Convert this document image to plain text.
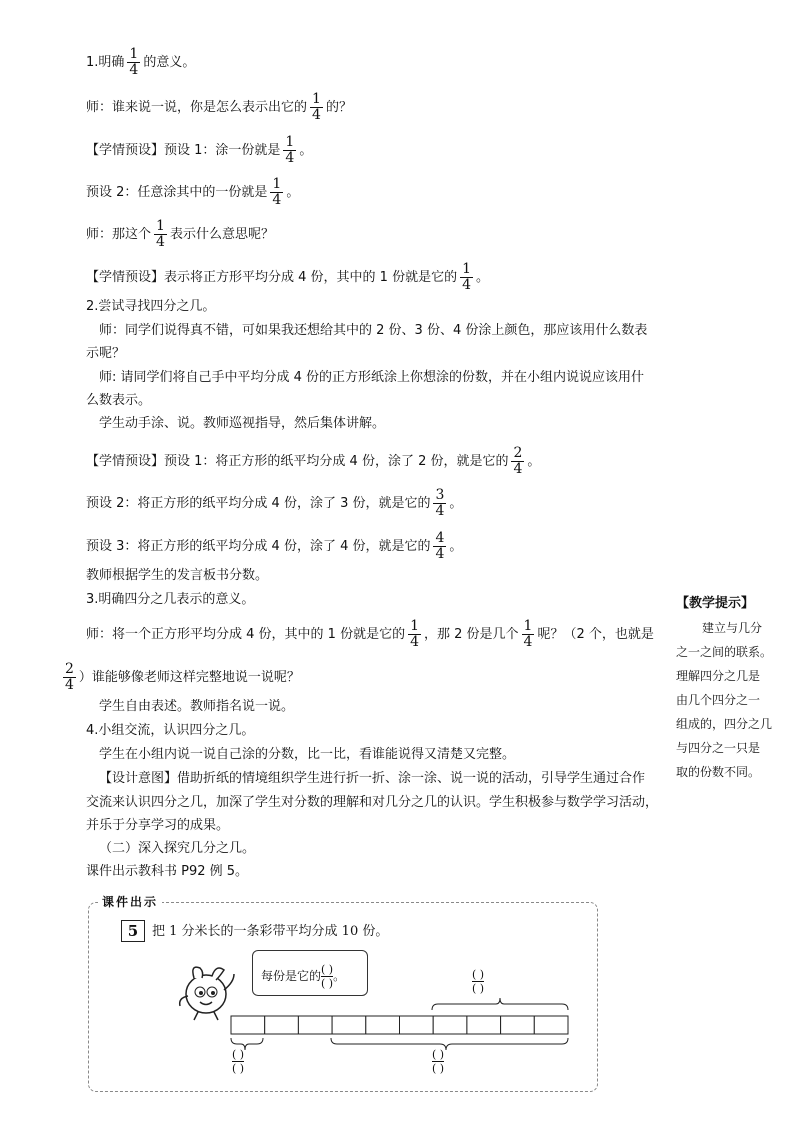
1.明确 $\frac{1}{4}$ 的意义。
师：谁来说一说，你是怎么表示出它的 $\frac{1}{4}$ 的？
【学情预设】预设 1：涂一份就是 $\frac{1}{4}$ 。
预设 2：任意涂其中的一份就是 $\frac{1}{4}$ 。
师：那这个 $\frac{1}{4}$ 表示什么意思呢？
【学情预设】表示将正方形平均分成 4 份，其中的 1 份就是它的 $\frac{1}{4}$ 。
2.尝试寻找四分之几。
师：同学们说得真不错，可如果我还想给其中的 2 份、3 份、4 份涂上颜色，那应该用什么数表
示呢？
师: 请同学们将自己手中平均分成 4 份的正方形纸涂上你想涂的份数，并在小组内说说应该用什
么数表示。
学生动手涂、说。教师巡视指导，然后集体讲解。
【学情预设】预设 1：将正方形的纸平均分成 4 份，涂了 2 份，就是它的 $\frac{2}{4}$ 。
预设 2：将正方形的纸平均分成 4 份，涂了 3 份，就是它的 $\frac{3}{4}$ 。
预设 3：将正方形的纸平均分成 4 份，涂了 4 份，就是它的 $\frac{4}{4}$ 。
教师根据学生的发言板书分数。
3.明确四分之几表示的意义。
师：将一个正方形平均分成 4 份，其中的 1 份就是它的 $\frac{1}{4}$ ，那 2 份是几个 $\frac{1}{4}$ 呢？（2 个，也就是
$\frac{2}{4}$ ）谁能够像老师这样完整地说一说呢？
学生自由表述。教师指名说一说。
4.小组交流，认识四分之几。
学生在小组内说一说自己涂的分数，比一比，看谁能说得又清楚又完整。
【设计意图】借助折纸的情境组织学生进行折一折、涂一涂、说一说的活动，引导学生通过合作
交流来认识四分之几，加深了学生对分数的理解和对几分之几的认识。学生积极参与数学学习活动，
并乐于分享学习的成果。
（二）深入探究几分之几。
课件出示教科书 P92 例 5。
【教学提示】
建立与几分
之一之间的联系。
理解四分之几是
由几个四分之一
组成的，四分之几
与四分之一只是
取的份数不同。
课件出示
5	把 1 分米长的一条彩带平均分成 10 份。
每份是它的 ( )
( )
。	( )
( )
( )
( )
( )
( )
